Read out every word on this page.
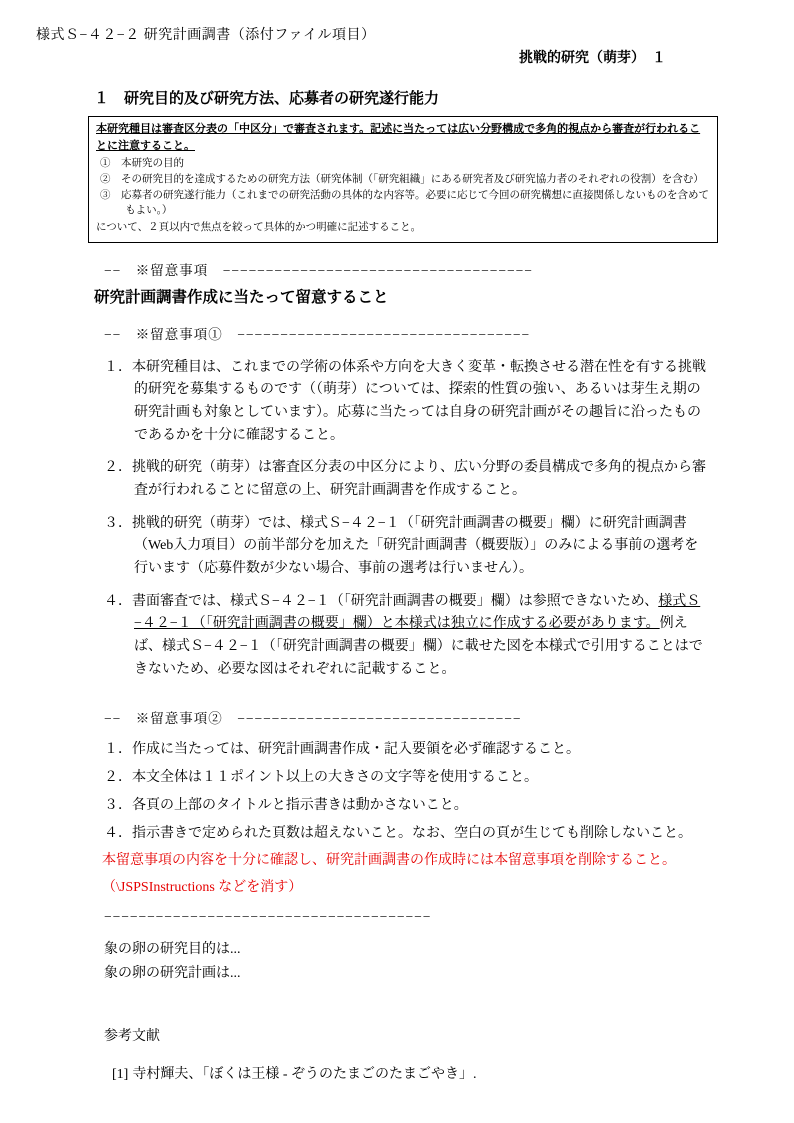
様式Ｓ−４２−２ 研究計画調書（添付ファイル項目）
挑戦的研究（萌芽）　１
１　研究目的及び研究方法、応募者の研究遂行能力
本研究種目は審査区分表の「中区分」で審査されます。記述に当たっては広い分野構成で多角的視点から審査が行われることに注意すること。
①　本研究の目的
②　その研究目的を達成するための研究方法（研究体制（「研究組織」にある研究者及び研究協力者のそれぞれの役割）を含む）
③　応募者の研究遂行能力（これまでの研究活動の具体的な内容等。必要に応じて今回の研究構想に直接関係しないものを含めてもよい。）
について、２頁以内で焦点を絞って具体的かつ明確に記述すること。
−−　※留意事項　−−−−−−−−−−−−−−−−−−−−−−−−−−−−−−−−−−−−
研究計画調書作成に当たって留意すること
−−　※留意事項①　−−−−−−−−−−−−−−−−−−−−−−−−−−−−−−−−−−

１．本研究種目は、これまでの学術の体系や方向を大きく変革・転換させる潜在性を有する挑戦的研究を募集するものです（（萌芽）については、探索的性質の強い、あるいは芽生え期の研究計画も対象としています）。応募に当たっては自身の研究計画がその趣旨に沿ったものであるかを十分に確認すること。

２．挑戦的研究（萌芽）は審査区分表の中区分により、広い分野の委員構成で多角的視点から審査が行われることに留意の上、研究計画調書を作成すること。

３．挑戦的研究（萌芽）では、様式Ｓ−４２−１（「研究計画調書の概要」欄）に研究計画調書（Web入力項目）の前半部分を加えた「研究計画調書（概要版）」のみによる事前の選考を行います（応募件数が少ない場合、事前の選考は行いません）。

４．書面審査では、様式Ｓ−４２−１（「研究計画調書の概要」欄）は参照できないため、様式Ｓ−４２−１（「研究計画調書の概要」欄）と本様式は独立に作成する必要があります。例えば、様式Ｓ−４２−１（「研究計画調書の概要」欄）に載せた図を本様式で引用することはできないため、必要な図はそれぞれに記載すること。

−−　※留意事項②　−−−−−−−−−−−−−−−−−−−−−−−−−−−−−−−−−

１．作成に当たっては、研究計画調書作成・記入要領を必ず確認すること。

２．本文全体は１１ポイント以上の大きさの文字等を使用すること。

３．各頁の上部のタイトルと指示書きは動かさないこと。

４．指示書きで定められた頁数は超えないこと。なお、空白の頁が生じても削除しないこと。

本留意事項の内容を十分に確認し、研究計画調書の作成時には本留意事項を削除すること。

（\JSPSInstructions などを消す）

−−−−−−−−−−−−−−−−−−−−−−−−−−−−−−−−−−−−−−

象の卵の研究目的は...

象の卵の研究計画は...

参考文献

[1] 寺村輝夫、「ぼくは王様 - ぞうのたまごのたまごやき」.
